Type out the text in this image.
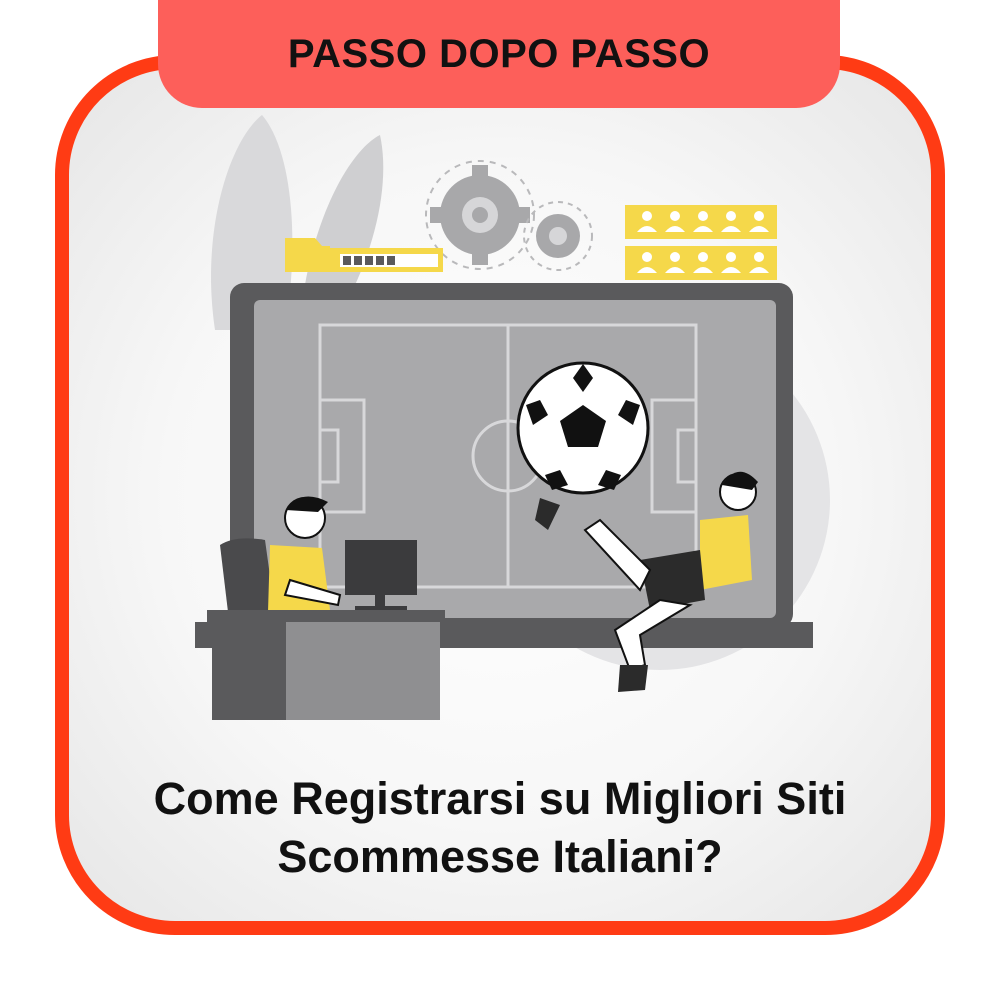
PASSO DOPO PASSO
Come Registrarsi su Migliori Siti
Scommesse Italiani?
